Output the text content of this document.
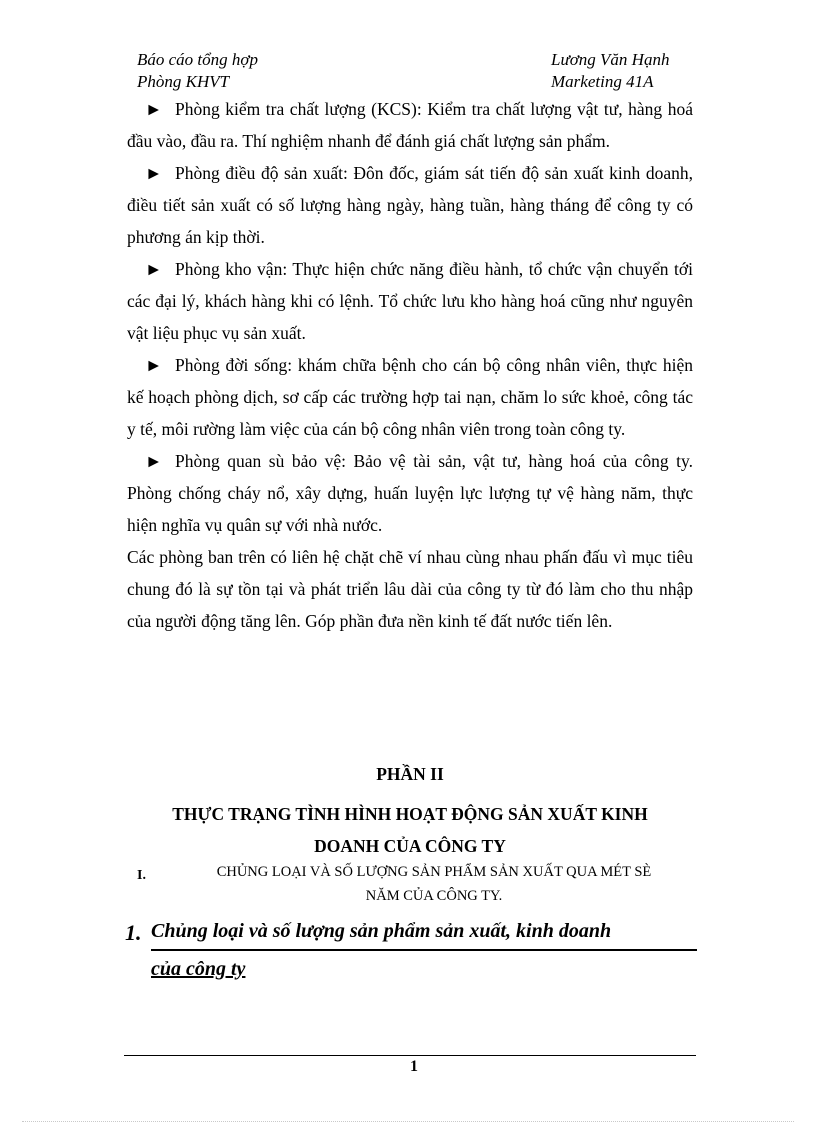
Báo cáo tổng hợp
Phòng KHVT
Lương Văn Hạnh
Marketing 41A

► Phòng kiểm tra chất lượng (KCS): Kiểm tra chất lượng vật tư, hàng hoá đầu vào, đầu ra. Thí nghiệm nhanh để đánh giá chất lượng sản phẩm.

► Phòng điều độ sản xuất: Đôn đốc, giám sát tiến độ sản xuất kinh doanh, điều tiết sản xuất có số lượng hàng ngày, hàng tuần, hàng tháng để công ty có phương án kịp thời.

► Phòng kho vận: Thực hiện chức năng điều hành, tổ chức vận chuyển tới các đại lý, khách hàng khi có lệnh. Tổ chức lưu kho hàng hoá cũng như nguyên vật liệu phục vụ sản xuất.

► Phòng đời sống: khám chữa bệnh cho cán bộ công nhân viên, thực hiện kế hoạch phòng dịch, sơ cấp các trường hợp tai nạn, chăm lo sức khoẻ, công tác y tế, môi rường làm việc của cán bộ công nhân viên trong toàn công ty.

► Phòng quan sù bảo vệ: Bảo vệ tài sản, vật tư, hàng hoá của công ty. Phòng chống cháy nổ, xây dựng, huấn luyện lực lượng tự vệ hàng năm, thực hiện nghĩa vụ quân sự với nhà nước.

Các phòng ban trên có liên hệ chặt chẽ ví nhau cùng nhau phấn đấu vì mục tiêu chung đó là sự tồn tại và phát triển lâu dài của công ty từ đó làm cho thu nhập của người động tăng lên. Góp phần đưa nền kinh tế đất nước tiến lên.

PHẦN II
THỰC TRẠNG TÌNH HÌNH HOẠT ĐỘNG SẢN XUẤT KINH
DOANH CỦA CÔNG TY
I.	CHỦNG LOẠI VÀ SỐ LƯỢNG SẢN PHẨM SẢN XUẤT QUA MÉT SÈ
NĂM CỦA CÔNG TY.
1. Chủng loại và số lượng sản phẩm sản xuất, kinh doanh
của công ty
1
